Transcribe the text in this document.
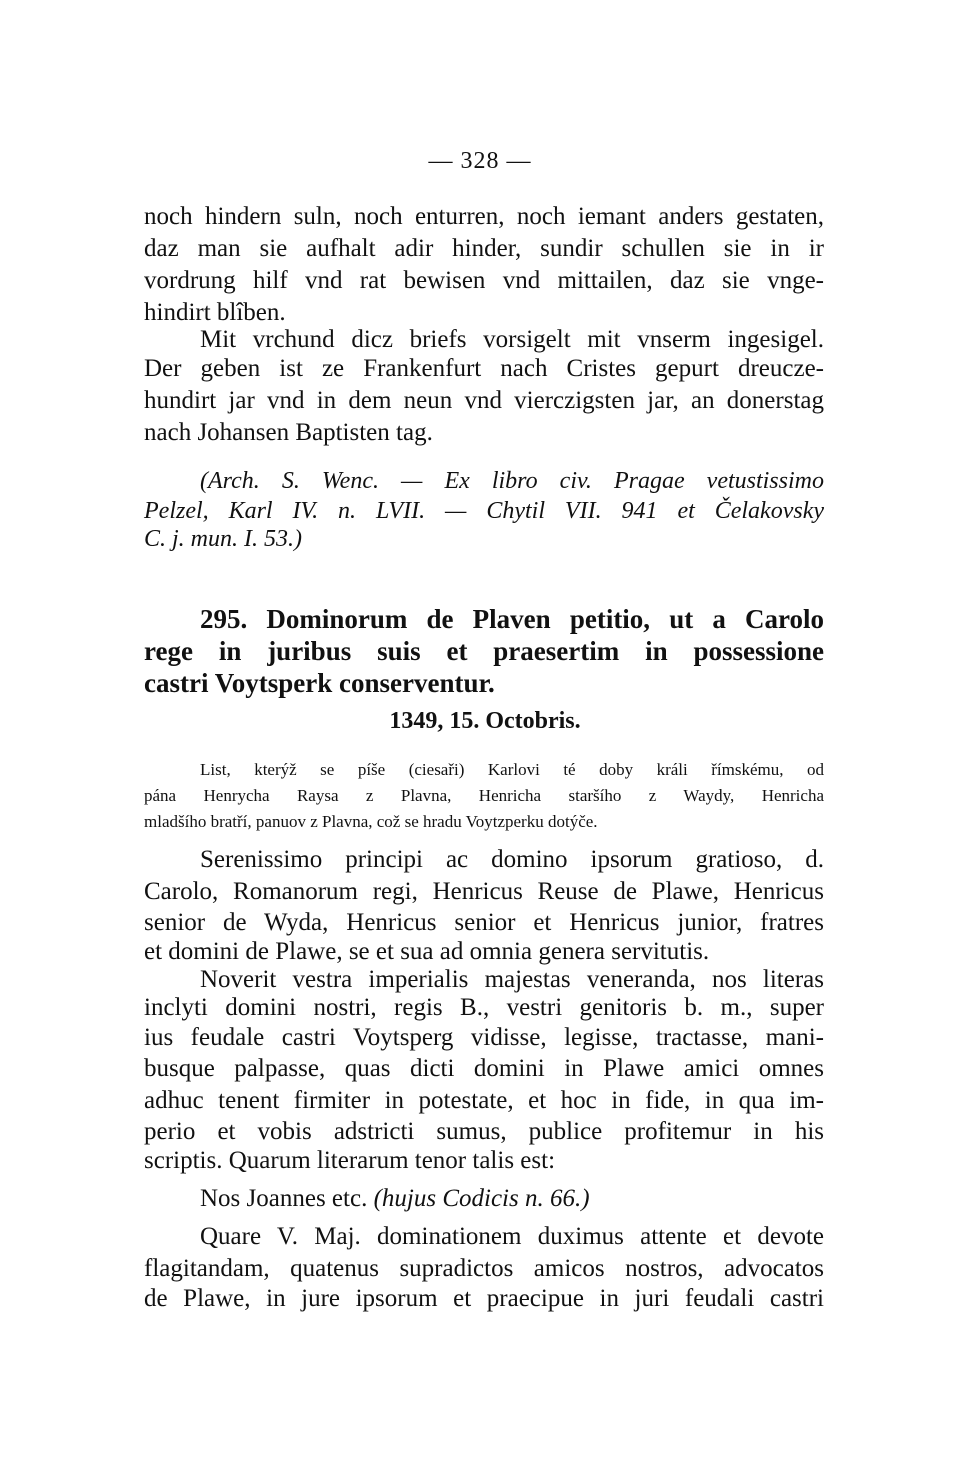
— 328 —
noch hindern suln, noch enturren, noch iemant anders gestaten,
daz man sie aufhalt adir hinder, sundir schullen sie in ir
vordrung hilf vnd rat bewisen vnd mittailen, daz sie vnge-
hindirt blîben.
Mit vrchund dicz briefs vorsigelt mit vnserm ingesigel.
Der geben ist ze Frankenfurt nach Cristes gepurt dreucze-
hundirt jar vnd in dem neun vnd vierczigsten jar, an donerstag
nach Johansen Baptisten tag.
(Arch. S. Wenc. — Ex libro civ. Pragae vetustissimo
Pelzel, Karl IV. n. LVII. — Chytil VII. 941 et Čelakovsky
C. j. mun. I. 53.)
295. Dominorum de Plaven petitio, ut a Carolo
rege in juribus suis et praesertim in possessione
castri Voytsperk conserventur.
1349, 15. Octobris.
List, kterýž se píše (ciesaři) Karlovi té doby králi římskému, od
pána Henrycha Raysa z Plavna, Henricha staršího z Waydy, Henricha
mladšího bratří, panuov z Plavna, což se hradu Voytzperku dotýče.
Serenissimo principi ac domino ipsorum gratioso, d.
Carolo, Romanorum regi, Henricus Reuse de Plawe, Henricus
senior de Wyda, Henricus senior et Henricus junior, fratres
et domini de Plawe, se et sua ad omnia genera servitutis.
Noverit vestra imperialis majestas veneranda, nos literas
inclyti domini nostri, regis B., vestri genitoris b. m., super
ius feudale castri Voytsperg vidisse, legisse, tractasse, mani-
busque palpasse, quas dicti domini in Plawe amici omnes
adhuc tenent firmiter in potestate, et hoc in fide, in qua im-
perio et vobis adstricti sumus, publice profitemur in his
scriptis. Quarum literarum tenor talis est:
Nos Joannes etc. (hujus Codicis n. 66.)
Quare V. Maj. dominationem duximus attente et devote
flagitandam, quatenus supradictos amicos nostros, advocatos
de Plawe, in jure ipsorum et praecipue in juri feudali castri
